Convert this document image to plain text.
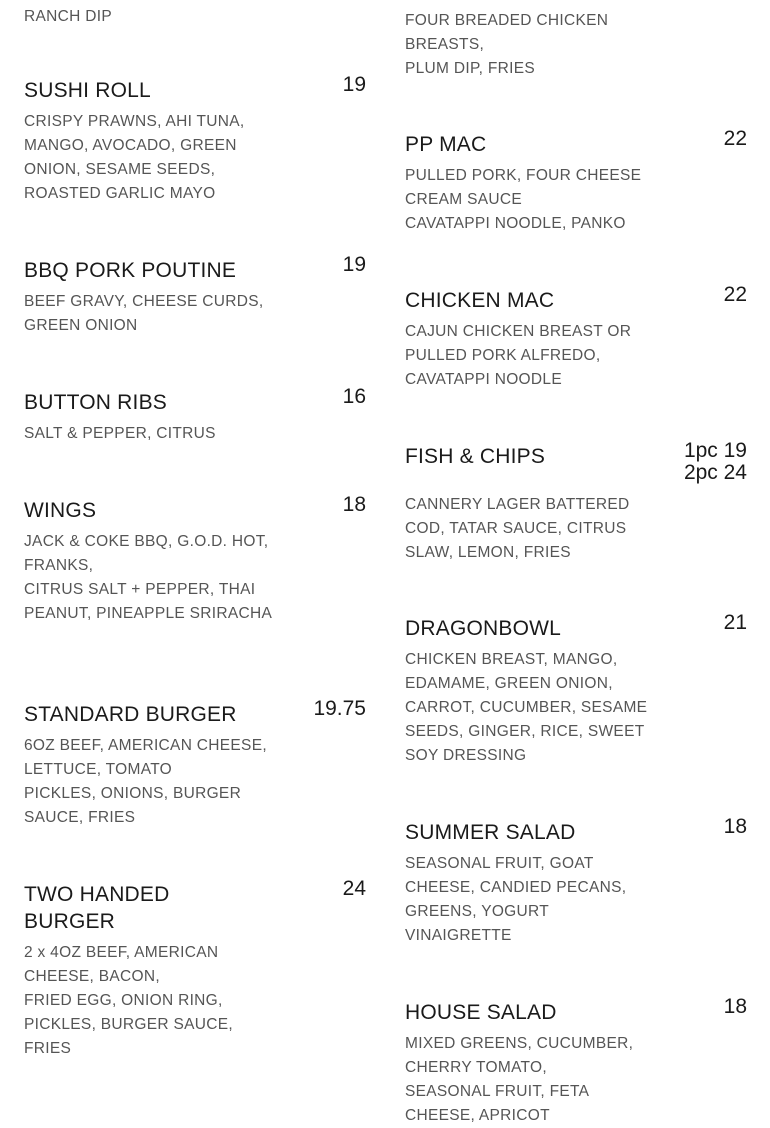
RANCH DIP
SUSHI ROLL	19
CRISPY PRAWNS, AHI TUNA, MANGO, AVOCADO, GREEN ONION, SESAME SEEDS, ROASTED GARLIC MAYO
BBQ PORK POUTINE	19
BEEF GRAVY, CHEESE CURDS, GREEN ONION
BUTTON RIBS	16
SALT & PEPPER, CITRUS
WINGS	18
JACK & COKE BBQ, G.O.D. HOT, FRANKS,
CITRUS SALT + PEPPER, THAI PEANUT, PINEAPPLE SRIRACHA
STANDARD BURGER	19.75
6OZ BEEF, AMERICAN CHEESE, LETTUCE, TOMATO
PICKLES, ONIONS, BURGER SAUCE, FRIES
TWO HANDED BURGER
24
2 x 4OZ BEEF, AMERICAN CHEESE, BACON,
FRIED EGG, ONION RING, PICKLES, BURGER SAUCE, FRIES
FOUR BREADED CHICKEN BREASTS,
PLUM DIP, FRIES
PP MAC	22
PULLED PORK, FOUR CHEESE CREAM SAUCE
CAVATAPPI NOODLE, PANKO
CHICKEN MAC	22
CAJUN CHICKEN BREAST OR PULLED PORK ALFREDO,
CAVATAPPI NOODLE
FISH & CHIPS	1pc 19
2pc 24
CANNERY LAGER BATTERED COD, TATAR SAUCE, CITRUS SLAW, LEMON, FRIES
DRAGONBOWL	21
CHICKEN BREAST, MANGO, EDAMAME, GREEN ONION, CARROT, CUCUMBER, SESAME SEEDS, GINGER, RICE, SWEET SOY DRESSING
SUMMER SALAD	18
SEASONAL FRUIT, GOAT CHEESE, CANDIED PECANS, GREENS, YOGURT VINAIGRETTE
HOUSE SALAD	18
MIXED GREENS, CUCUMBER, CHERRY TOMATO,
SEASONAL FRUIT, FETA CHEESE, APRICOT
